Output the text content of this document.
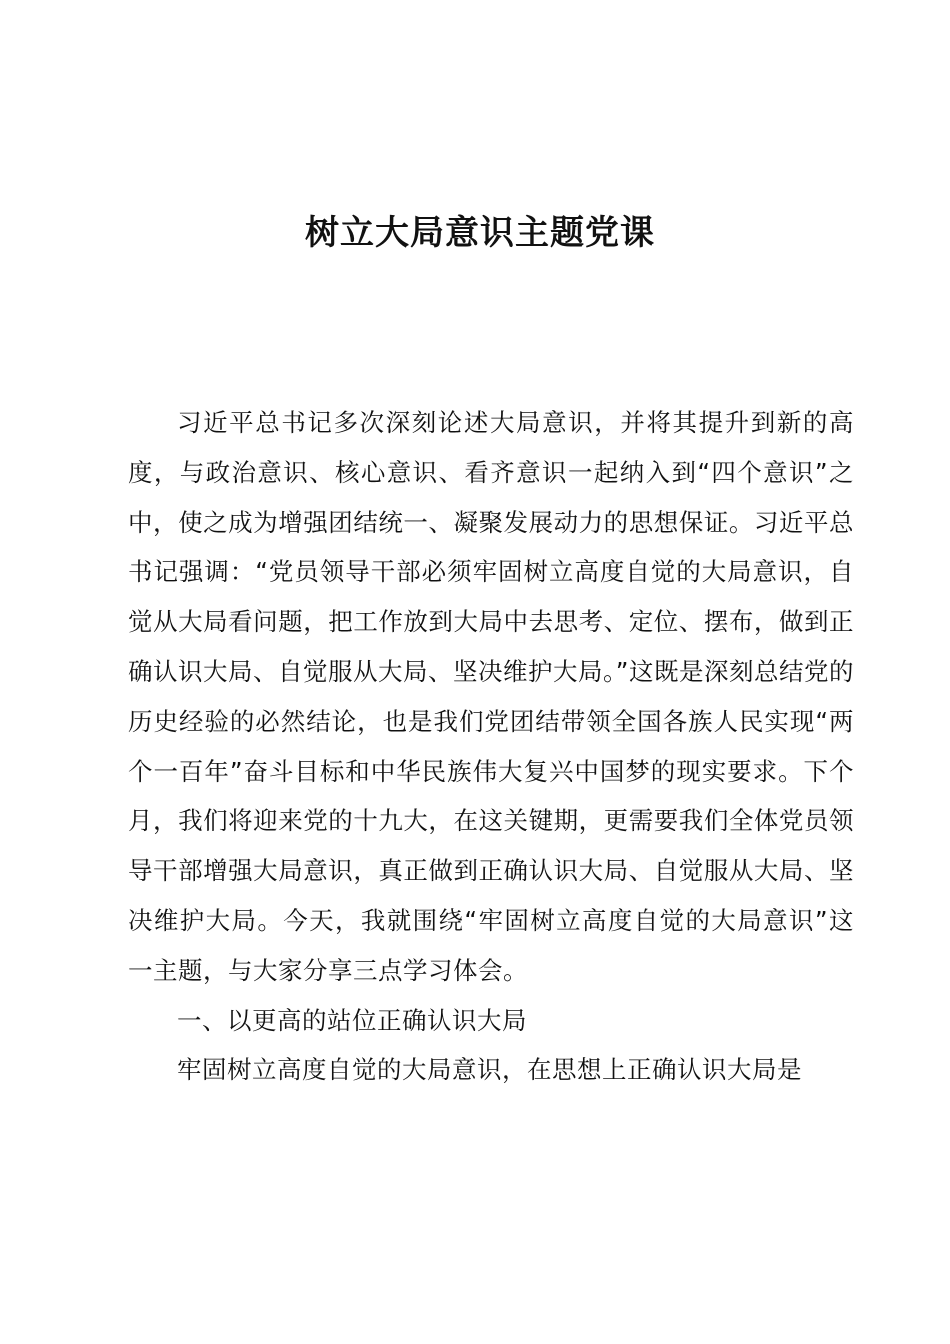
树立大局意识主题党课

习近平总书记多次深刻论述大局意识，并将其提升到新的高度，与政治意识、核心意识、看齐意识一起纳入到“四个意识”之中，使之成为增强团结统一、凝聚发展动力的思想保证。习近平总书记强调：“党员领导干部必须牢固树立高度自觉的大局意识，自觉从大局看问题，把工作放到大局中去思考、定位、摆布，做到正确认识大局、自觉服从大局、坚决维护大局。”这既是深刻总结党的历史经验的必然结论，也是我们党团结带领全国各族人民实现“两个一百年”奋斗目标和中华民族伟大复兴中国梦的现实要求。下个月，我们将迎来党的十九大，在这关键期，更需要我们全体党员领导干部增强大局意识，真正做到正确认识大局、自觉服从大局、坚决维护大局。今天，我就围绕“牢固树立高度自觉的大局意识”这一主题，与大家分享三点学习体会。

一、以更高的站位正确认识大局

牢固树立高度自觉的大局意识，在思想上正确认识大局是
